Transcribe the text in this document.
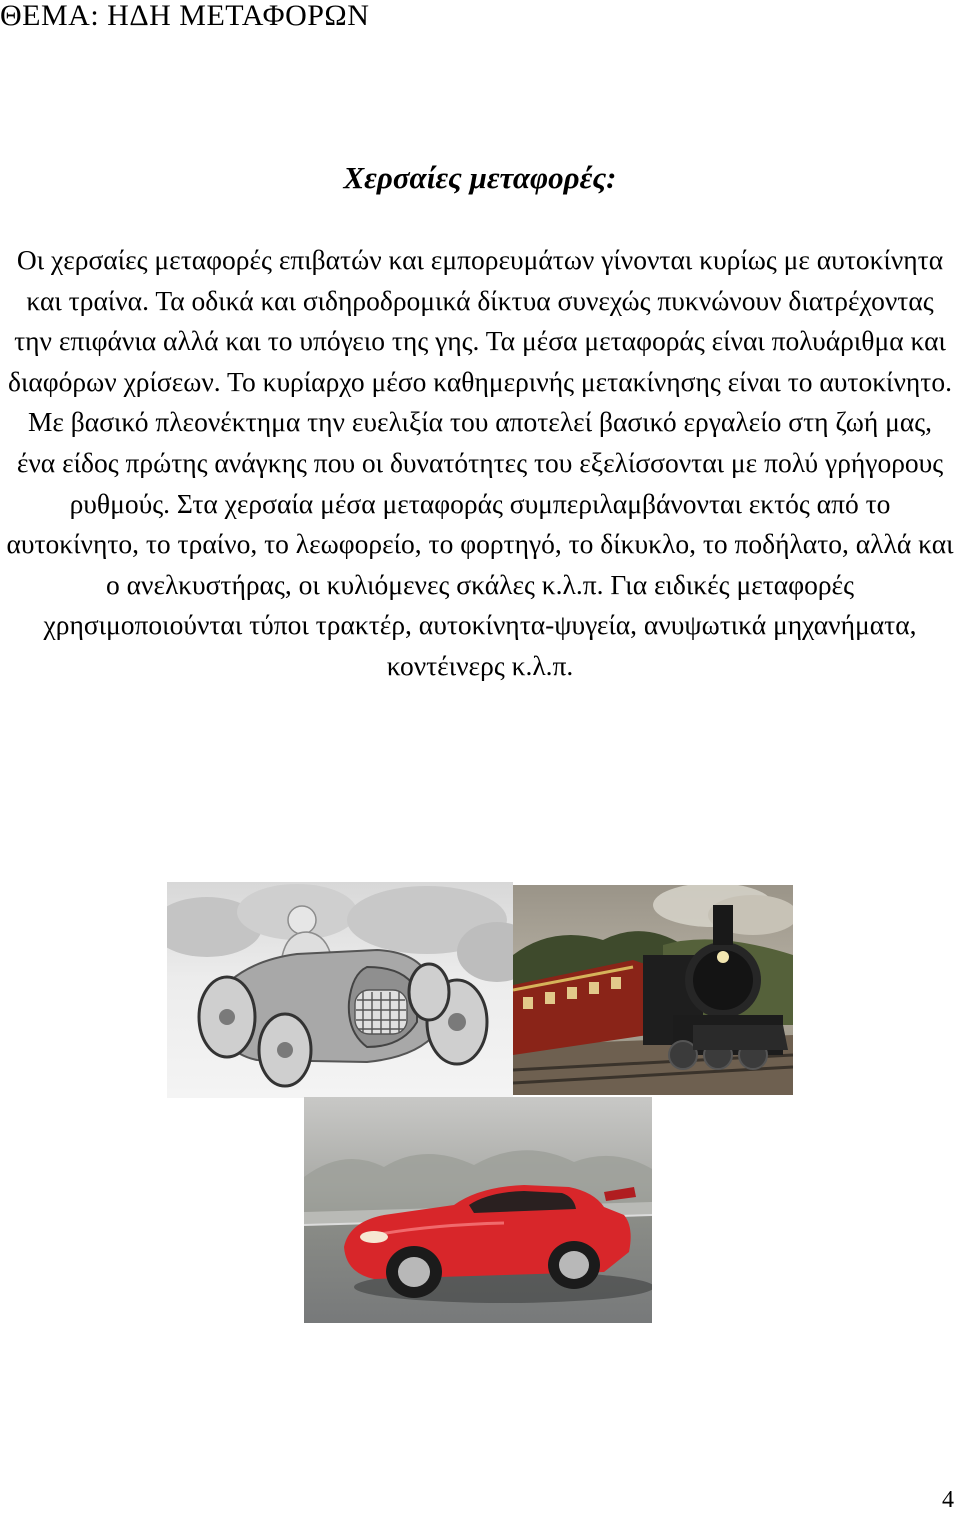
ΘΕΜΑ: ΗΔΗ ΜΕΤΑΦΟΡΩΝ
Χερσαίες μεταφορές:
Οι χερσαίες μεταφορές επιβατών και εμπορευμάτων γίνονται κυρίως με αυτοκίνητα και τραίνα. Τα οδικά και σιδηροδρομικά δίκτυα συνεχώς πυκνώνουν διατρέχοντας την επιφάνια αλλά και το υπόγειο της γης. Τα μέσα μεταφοράς είναι πολυάριθμα και διαφόρων χρίσεων. Το κυρίαρχο μέσο καθημερινής μετακίνησης είναι το αυτοκίνητο. Με βασικό πλεονέκτημα την ευελιξία του αποτελεί βασικό εργαλείο στη ζωή μας, ένα είδος πρώτης ανάγκης που οι δυνατότητες του εξελίσσονται με πολύ γρήγορους ρυθμούς. Στα χερσαία μέσα μεταφοράς συμπεριλαμβάνονται εκτός από το αυτοκίνητο, το τραίνο, το λεωφορείο, το φορτηγό, το δίκυκλο, το ποδήλατο, αλλά και ο ανελκυστήρας, οι κυλιόμενες σκάλες κ.λ.π. Για ειδικές μεταφορές χρησιμοποιούνται τύποι τρακτέρ, αυτοκίνητα-ψυγεία, ανυψωτικά μηχανήματα, κοντέινερς κ.λ.π.
4
